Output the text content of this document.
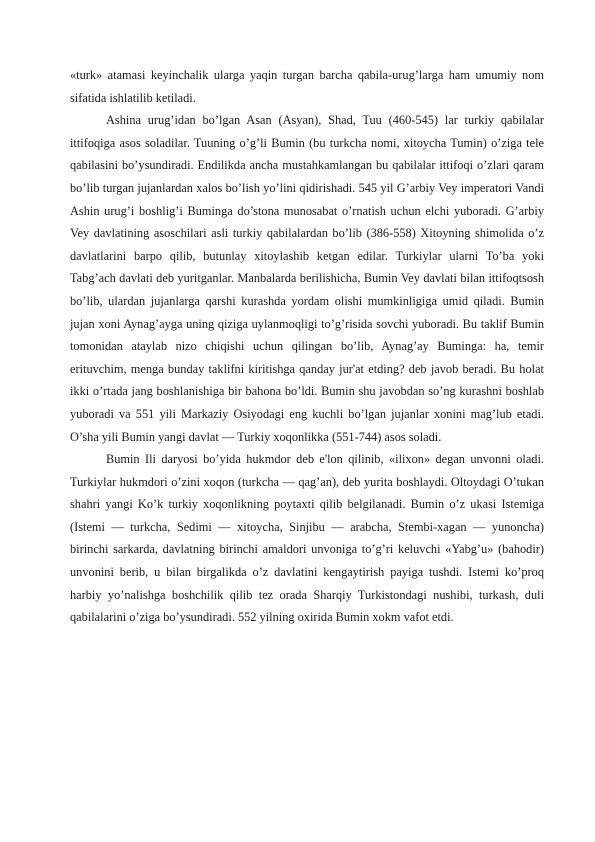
«turk» atamasi keyinchalik ularga yaqin turgan barcha qabila-urug’larga ham umumiy nom sifatida ishlatilib ketiladi.

Ashina urug’idan bo’lgan Asan (Asyan), Shad, Tuu (460-545) lar turkiy qabilalar ittifoqiga asos soladilar. Tuuning o’g’li Bumin (bu turkcha nomi, xitoycha Tumin) o’ziga tele qabilasini bo’ysundiradi. Endilikda ancha mustahkamlangan bu qabilalar ittifoqi o’zlari qaram bo’lib turgan jujanlardan xalos bo’lish yo’lini qidirishadi. 545 yil G’arbiy Vey imperatori Vandi Ashin urug’i boshlig’i Buminga do’stona munosabat o’rnatish uchun elchi yuboradi. G’arbiy Vey davlatining asoschilari asli turkiy qabilalardan bo’lib (386-558) Xitoyning shimolida o’z davlatlarini barpo qilib, butunlay xitoylashib ketgan edilar. Turkiylar ularni To’ba yoki Tabg’ach davlati deb yuritganlar. Manbalarda berilishicha, Bumin Vey davlati bilan ittifoqtsosh bo’lib, ulardan jujanlarga qarshi kurashda yordam olishi mumkinligiga umid qiladi. Bumin jujan xoni Aynag’ayga uning qiziga uylanmoqligi to’g’risida sovchi yuboradi. Bu taklif Bumin tomonidan ataylab nizo chiqishi uchun qilingan bo’lib, Aynag’ay Buminga: ha, temir erituvchim, menga bunday taklifni kiritishga qanday jur'at etding? deb javob beradi. Bu holat ikki o’rtada jang boshlanishiga bir bahona bo’ldi. Bumin shu javobdan so’ng kurashni boshlab yuboradi va 551 yili Markaziy Osiyodagi eng kuchli bo’lgan jujanlar xonini mag’lub etadi. O’sha yili Bumin yangi davlat — Turkiy xoqonlikka (551-744) asos soladi.

Bumin Ili daryosi bo’yida hukmdor deb e'lon qilinib, «ilixon» degan unvonni oladi. Turkiylar hukmdori o’zini xoqon (turkcha — qag’an), deb yurita boshlaydi. Oltoydagi O’tukan shahri yangi Ko’k turkiy xoqonlikning poytaxti qilib belgilanadi. Bumin o’z ukasi Istemiga (Istemi — turkcha, Sedimi — xitoycha, Sinjibu — arabcha, Stembi-xagan — yunoncha) birinchi sarkarda, davlatning birinchi amaldori unvoniga to’g’ri keluvchi «Yabg’u» (bahodir) unvonini berib, u bilan birgalikda o’z davlatini kengaytirish payiga tushdi. Istemi ko’proq harbiy yo’nalishga boshchilik qilib tez orada Sharqiy Turkistondagi nushibi, turkash, duli qabilalarini o’ziga bo’ysundiradi. 552 yilning oxirida Bumin xokm vafot etdi.
